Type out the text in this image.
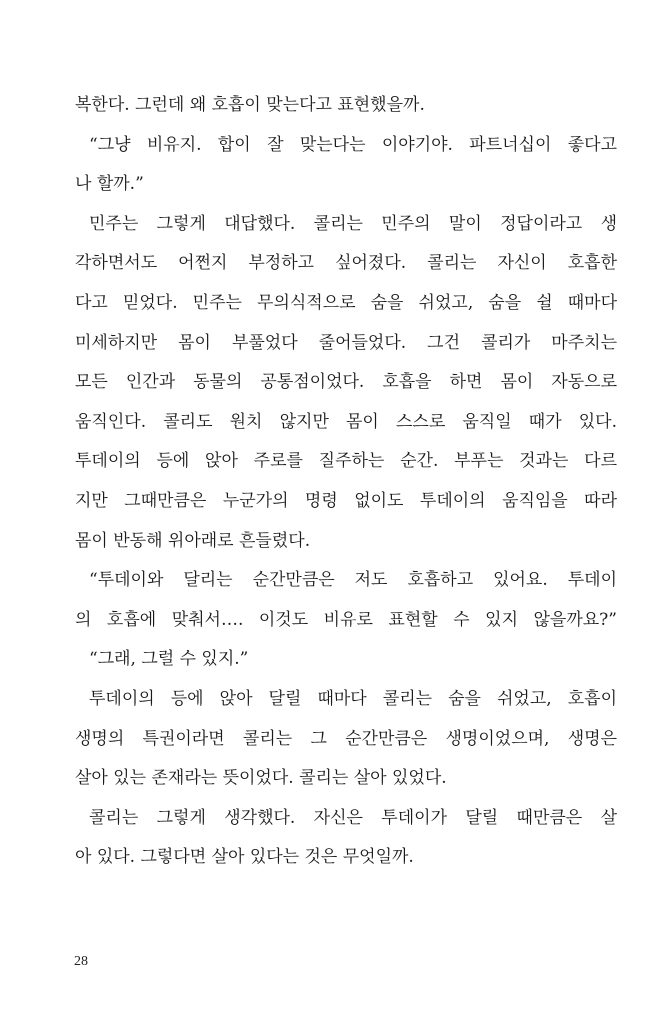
복한다. 그런데 왜 호흡이 맞는다고 표현했을까.
“그냥 비유지. 합이 잘 맞는다는 이야기야. 파트너십이 좋다고
나 할까.”
민주는 그렇게 대답했다. 콜리는 민주의 말이 정답이라고 생
각하면서도 어쩐지 부정하고 싶어졌다. 콜리는 자신이 호흡한
다고 믿었다. 민주는 무의식적으로 숨을 쉬었고, 숨을 쉴 때마다
미세하지만 몸이 부풀었다 줄어들었다. 그건 콜리가 마주치는
모든 인간과 동물의 공통점이었다. 호흡을 하면 몸이 자동으로
움직인다. 콜리도 원치 않지만 몸이 스스로 움직일 때가 있다.
투데이의 등에 앉아 주로를 질주하는 순간. 부푸는 것과는 다르
지만 그때만큼은 누군가의 명령 없이도 투데이의 움직임을 따라
몸이 반동해 위아래로 흔들렸다.
“투데이와 달리는 순간만큼은 저도 호흡하고 있어요. 투데이
의 호흡에 맞춰서…. 이것도 비유로 표현할 수 있지 않을까요?”
“그래, 그럴 수 있지.”
투데이의 등에 앉아 달릴 때마다 콜리는 숨을 쉬었고, 호흡이
생명의 특권이라면 콜리는 그 순간만큼은 생명이었으며, 생명은
살아 있는 존재라는 뜻이었다. 콜리는 살아 있었다.
콜리는 그렇게 생각했다. 자신은 투데이가 달릴 때만큼은 살
아 있다. 그렇다면 살아 있다는 것은 무엇일까.
28
